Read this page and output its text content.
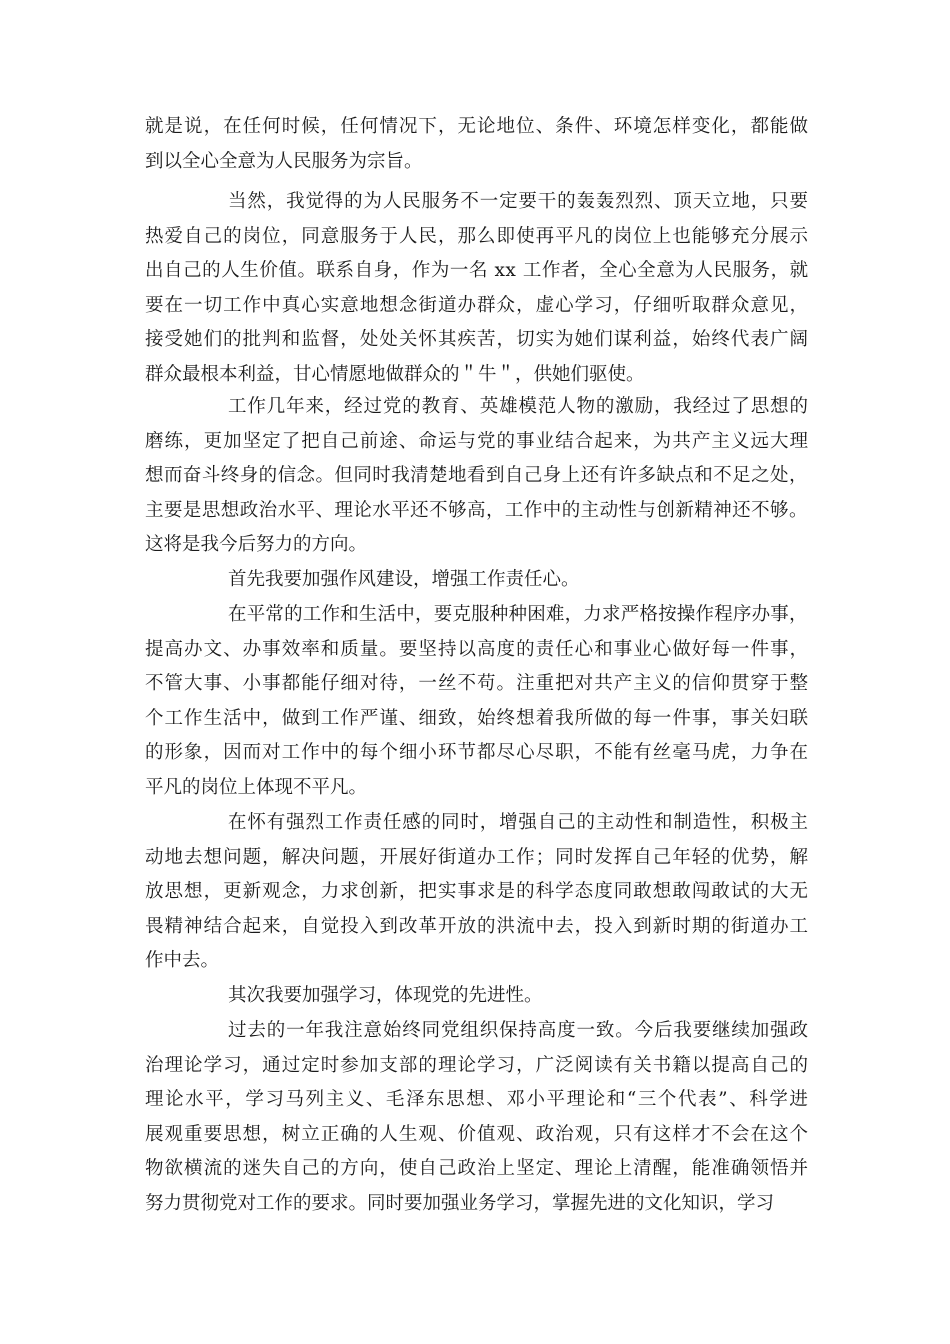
就是说，在任何时候，任何情况下，无论地位、条件、环境怎样变化，都能做
到以全心全意为人民服务为宗旨。
当然，我觉得的为人民服务不一定要干的轰轰烈烈、顶天立地，只要
热爱自己的岗位，同意服务于人民，那么即使再平凡的岗位上也能够充分展示
出自己的人生价值。联系自身，作为一名 xx 工作者，全心全意为人民服务，就
要在一切工作中真心实意地想念街道办群众，虚心学习，仔细听取群众意见，
接受她们的批判和监督，处处关怀其疾苦，切实为她们谋利益，始终代表广阔
群众最根本利益，甘心情愿地做群众的＂牛＂，供她们驱使。
工作几年来，经过党的教育、英雄模范人物的激励，我经过了思想的
磨练，更加坚定了把自己前途、命运与党的事业结合起来，为共产主义远大理
想而奋斗终身的信念。但同时我清楚地看到自己身上还有许多缺点和不足之处，
主要是思想政治水平、理论水平还不够高，工作中的主动性与创新精神还不够。
这将是我今后努力的方向。
首先我要加强作风建设，增强工作责任心。
在平常的工作和生活中，要克服种种困难，力求严格按操作程序办事，
提高办文、办事效率和质量。要坚持以高度的责任心和事业心做好每一件事，
不管大事、小事都能仔细对待，一丝不苟。注重把对共产主义的信仰贯穿于整
个工作生活中，做到工作严谨、细致，始终想着我所做的每一件事，事关妇联
的形象，因而对工作中的每个细小环节都尽心尽职，不能有丝毫马虎，力争在
平凡的岗位上体现不平凡。
在怀有强烈工作责任感的同时，增强自己的主动性和制造性，积极主
动地去想问题，解决问题，开展好街道办工作；同时发挥自己年轻的优势，解
放思想，更新观念，力求创新，把实事求是的科学态度同敢想敢闯敢试的大无
畏精神结合起来，自觉投入到改革开放的洪流中去，投入到新时期的街道办工
作中去。
其次我要加强学习，体现党的先进性。
过去的一年我注意始终同党组织保持高度一致。今后我要继续加强政
治理论学习，通过定时参加支部的理论学习，广泛阅读有关书籍以提高自己的
理论水平，学习马列主义、毛泽东思想、邓小平理论和“三个代表”、科学进
展观重要思想，树立正确的人生观、价值观、政治观，只有这样才不会在这个
物欲横流的迷失自己的方向，使自己政治上坚定、理论上清醒，能准确领悟并
努力贯彻党对工作的要求。同时要加强业务学习，掌握先进的文化知识，学习
